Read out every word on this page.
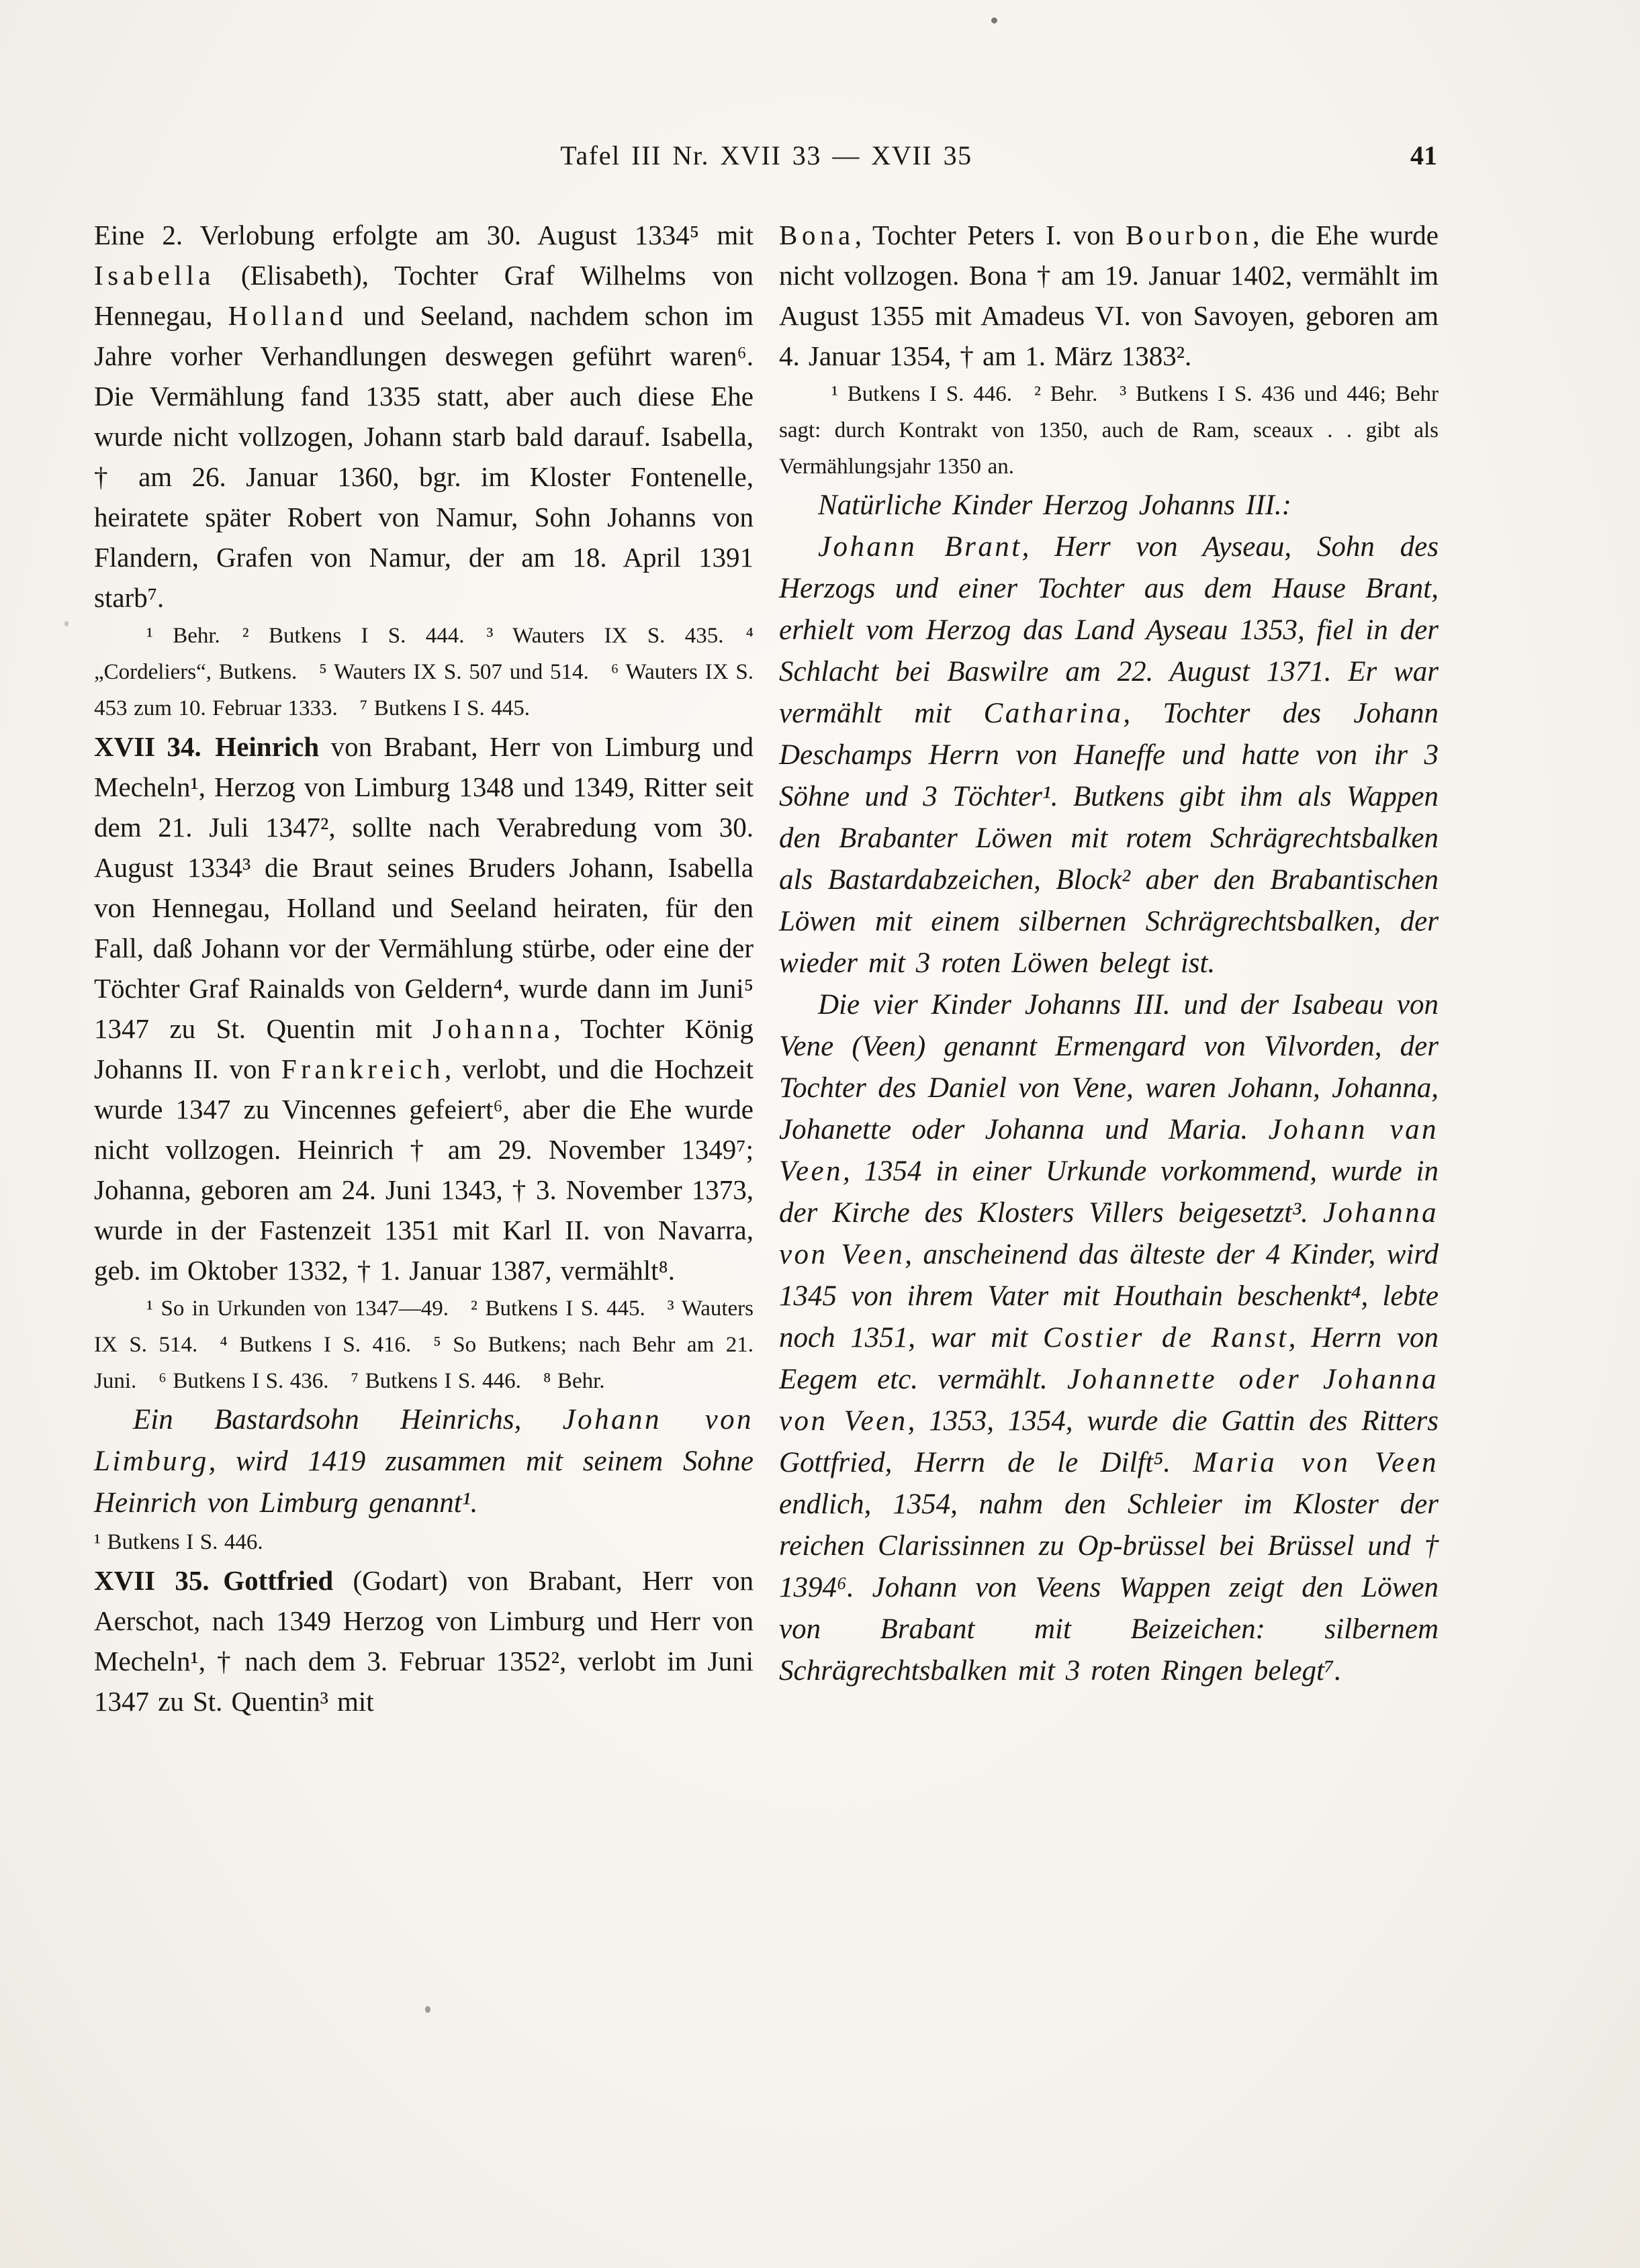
Tafel III Nr. XVII 33 — XVII 35	41

Eine 2. Verlobung erfolgte am 30. August 1334⁵ mit Isabella (Elisabeth), Tochter Graf Wilhelms von Hennegau, Holland und Seeland, nachdem schon im Jahre vorher Verhandlungen deswegen geführt waren⁶. Die Vermählung fand 1335 statt, aber auch diese Ehe wurde nicht vollzogen, Johann starb bald darauf. Isabella, † am 26. Januar 1360, bgr. im Kloster Fontenelle, heiratete später Robert von Namur, Sohn Johanns von Flandern, Grafen von Namur, der am 18. April 1391 starb⁷.

¹ Behr. ² Butkens I S. 444. ³ Wauters IX S. 435. ⁴ „Cordeliers“, Butkens. ⁵ Wauters IX S. 507 und 514. ⁶ Wauters IX S. 453 zum 10. Februar 1333. ⁷ Butkens I S. 445.

XVII 34.  Heinrich von Brabant, Herr von Limburg und Mecheln¹, Herzog von Limburg 1348 und 1349, Ritter seit dem 21. Juli 1347², sollte nach Verabredung vom 30. August 1334³ die Braut seines Bruders Johann, Isabella von Hennegau, Holland und Seeland heiraten, für den Fall, daß Johann vor der Vermählung stürbe, oder eine der Töchter Graf Rainalds von Geldern⁴, wurde dann im Juni⁵ 1347 zu St. Quentin mit Johanna, Tochter König Johanns II. von Frankreich, verlobt, und die Hochzeit wurde 1347 zu Vincennes gefeiert⁶, aber die Ehe wurde nicht vollzogen. Heinrich † am 29. November 1349⁷; Johanna, geboren am 24. Juni 1343, † 3. November 1373, wurde in der Fastenzeit 1351 mit Karl II. von Navarra, geb. im Oktober 1332, † 1. Januar 1387, vermählt⁸.

¹ So in Urkunden von 1347—49. ² Butkens I S. 445. ³ Wauters IX S. 514. ⁴ Butkens I S. 416. ⁵ So Butkens; nach Behr am 21. Juni. ⁶ Butkens I S. 436. ⁷ Butkens I S. 446. ⁸ Behr.

Ein Bastardsohn Heinrichs, Johann von Limburg, wird 1419 zusammen mit seinem Sohne Heinrich von Limburg genannt¹.

¹ Butkens I S. 446.

XVII 35.  Gottfried (Godart) von Brabant, Herr von Aerschot, nach 1349 Herzog von Limburg und Herr von Mecheln¹, † nach dem 3. Februar 1352², verlobt im Juni 1347 zu St. Quentin³ mit

Bona, Tochter Peters I. von Bourbon, die Ehe wurde nicht vollzogen. Bona † am 19. Januar 1402, vermählt im August 1355 mit Amadeus VI. von Savoyen, geboren am 4. Januar 1354, † am 1. März 1383².

¹ Butkens I S. 446. ² Behr. ³ Butkens I S. 436 und 446; Behr sagt: durch Kontrakt von 1350, auch de Ram, sceaux . . gibt als Vermählungsjahr 1350 an.

Natürliche Kinder Herzog Johanns III.:

Johann Brant, Herr von Ayseau, Sohn des Herzogs und einer Tochter aus dem Hause Brant, erhielt vom Herzog das Land Ayseau 1353, fiel in der Schlacht bei Baswilre am 22. August 1371. Er war vermählt mit Catharina, Tochter des Johann Deschamps Herrn von Haneffe und hatte von ihr 3 Söhne und 3 Töchter¹. Butkens gibt ihm als Wappen den Brabanter Löwen mit rotem Schrägrechtsbalken als Bastardabzeichen, Block² aber den Brabantischen Löwen mit einem silbernen Schrägrechtsbalken, der wieder mit 3 roten Löwen belegt ist.

Die vier Kinder Johanns III. und der Isabeau von Vene (Veen) genannt Ermengard von Vilvorden, der Tochter des Daniel von Vene, waren Johann, Johanna, Johanette oder Johanna und Maria. Johann van Veen, 1354 in einer Urkunde vorkommend, wurde in der Kirche des Klosters Villers beigesetzt³. Johanna von Veen, anscheinend das älteste der 4 Kinder, wird 1345 von ihrem Vater mit Houthain beschenkt⁴, lebte noch 1351, war mit Costier de Ranst, Herrn von Eegem etc. vermählt. Johannette oder Johanna von Veen, 1353, 1354, wurde die Gattin des Ritters Gottfried, Herrn de le Dilft⁵. Maria von Veen endlich, 1354, nahm den Schleier im Kloster der reichen Clarissinnen zu Op-brüssel bei Brüssel und † 1394⁶. Johann von Veens Wappen zeigt den Löwen von Brabant mit Beizeichen: silbernem Schrägrechtsbalken mit 3 roten Ringen belegt⁷.
